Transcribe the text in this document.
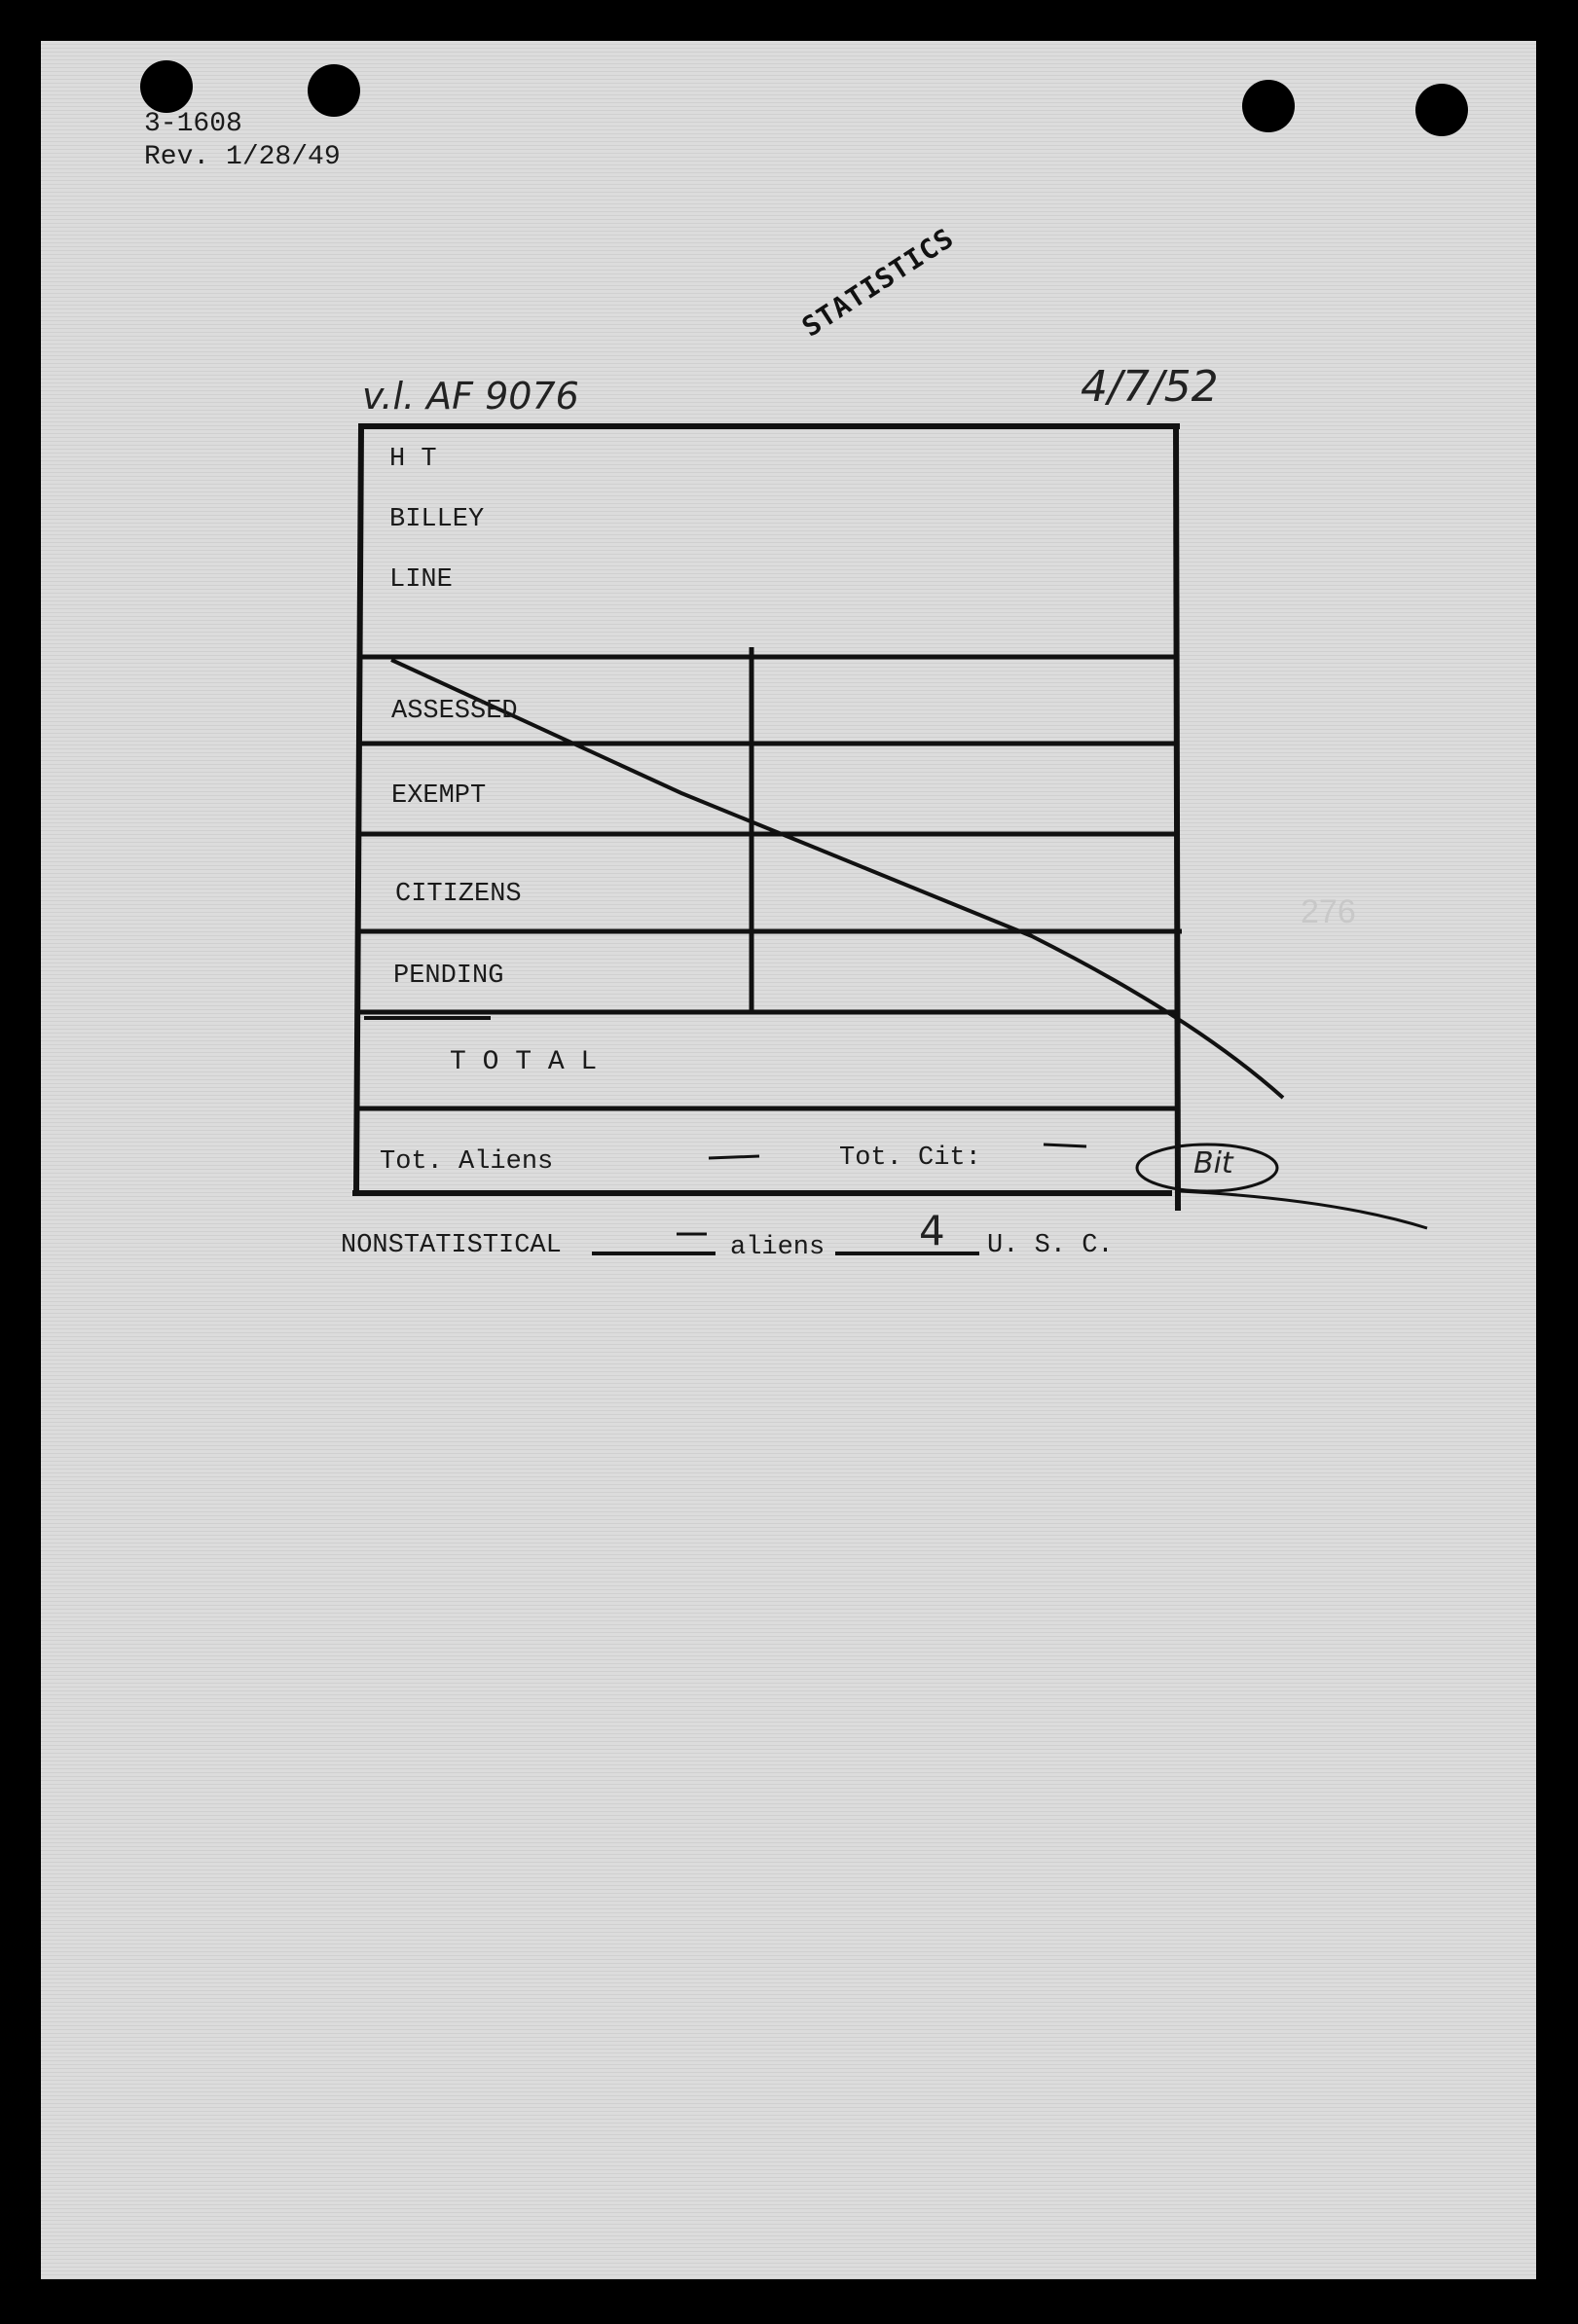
3-1608
Rev. 1/28/49
STATISTICS
v.l. AF 9076	4/7/52
H T
BILLEY
LINE
ASSESSED
EXEMPT
CITIZENS
PENDING
T O T A L
Tot. Aliens	Tot. Cit:	Bit
NONSTATISTICAL	aliens 4 U. S. C.
276
